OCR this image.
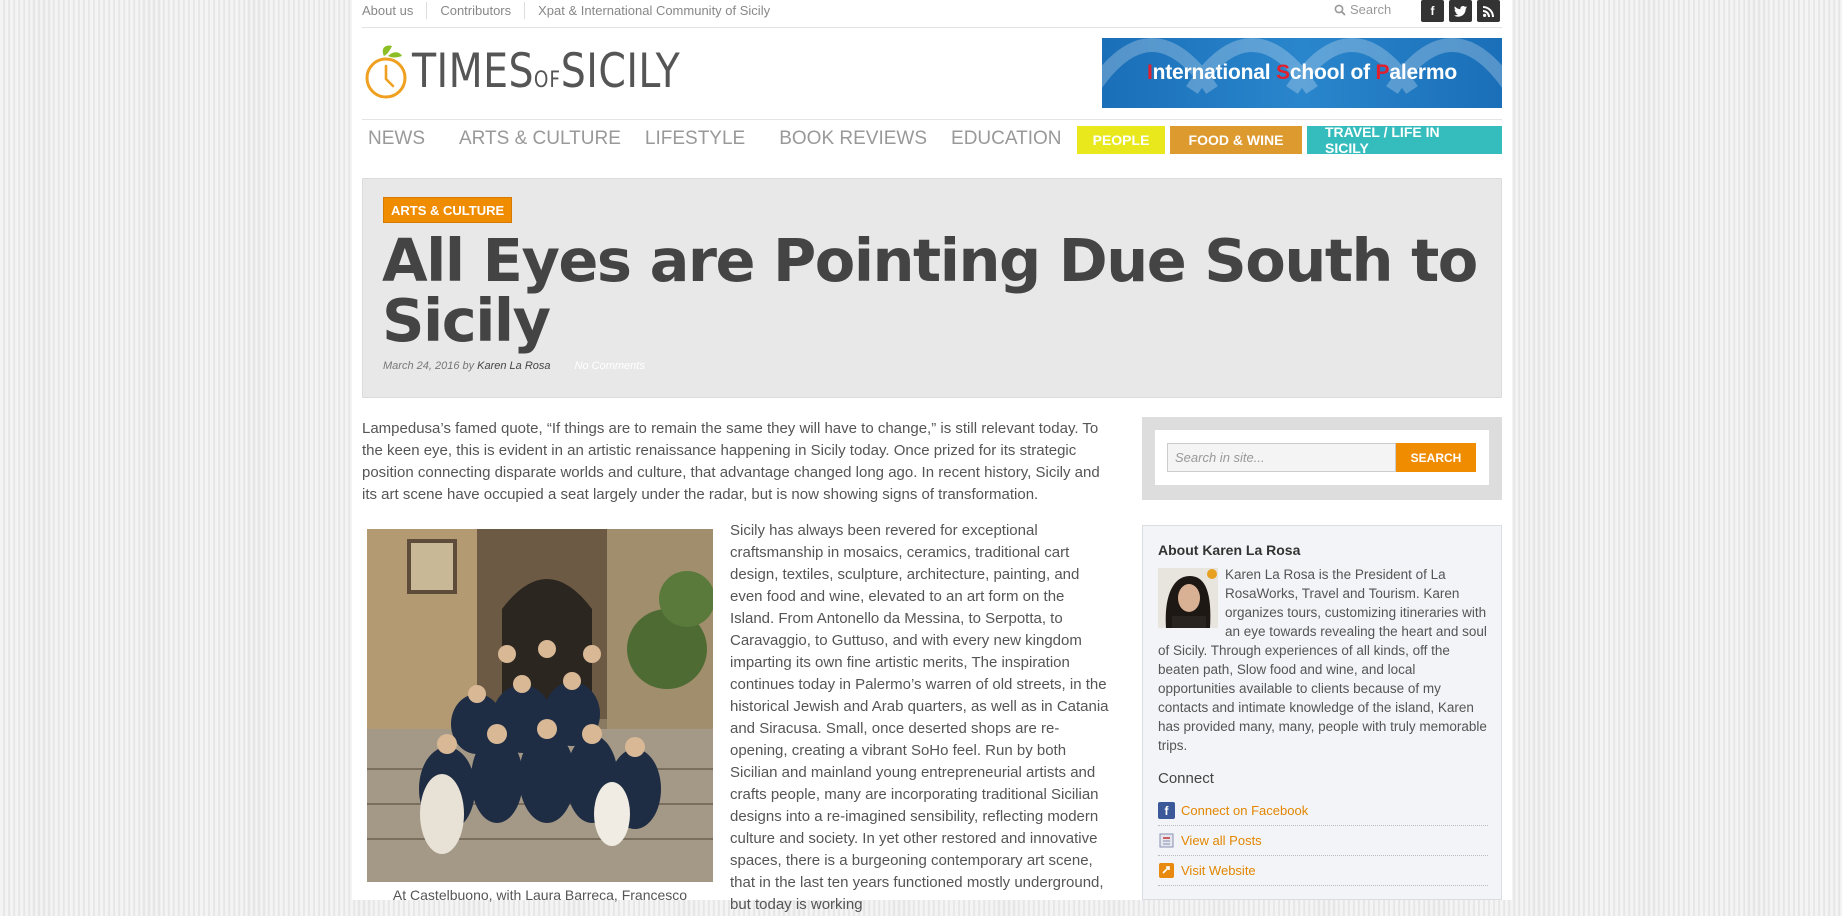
About us	Contributors	Xpat & International Community of Sicily	Search	f
TIMES OF SICILY	International School of Palermo
NEWS ARTS & CULTURE LIFESTYLE BOOK REVIEWS EDUCATION	PEOPLE	FOOD & WINE	TRAVEL / LIFE IN SICILY
ARTS & CULTURE
All Eyes are Pointing Due South to Sicily
March 24, 2016
by Karen La Rosa No Comments

Lampedusa’s famed quote, “If things are to remain the same they will have to change,” is still relevant today. To the keen eye, this is evident in an artistic renaissance happening in Sicily today. Once prized for its strategic position connecting disparate worlds and culture, that advantage changed long ago. In recent history, Sicily and its art scene have occupied a seat largely under the radar, but is now showing signs of transformation.

At Castelbuono, with Laura Barreca, Francesco

Sicily has always been revered for exceptional craftsmanship in mosaics, ceramics, traditional cart design, textiles, sculpture, architecture, painting, and even food and wine, elevated to an art form on the Island. From Antonello da Messina, to Serpotta, to Caravaggio, to Guttuso, and with every new kingdom imparting its own fine artistic merits, The inspiration continues today in Palermo’s warren of old streets, in the historical Jewish and Arab quarters, as well as in Catania and Siracusa. Small, once deserted shops are re-opening, creating a vibrant SoHo feel. Run by both Sicilian and mainland young entrepreneurial artists and crafts people, many are incorporating traditional Sicilian designs into a re-imagined sensibility, reflecting modern culture and society. In yet other restored and innovative spaces, there is a burgeoning contemporary art scene, that in the last ten years functioned mostly underground, but today is working

Search in site...	SEARCH
About Karen La Rosa
Karen La Rosa is the President of La RosaWorks, Travel and Tourism. Karen organizes tours, customizing itineraries with an eye towards revealing the heart and soul of Sicily. Through experiences of all kinds, off the beaten path, Slow food and wine, and local opportunities available to clients because of my contacts and intimate knowledge of the island, Karen has provided many, many, people with truly memorable trips.
Connect
f Connect on Facebook
View all Posts
Visit Website
